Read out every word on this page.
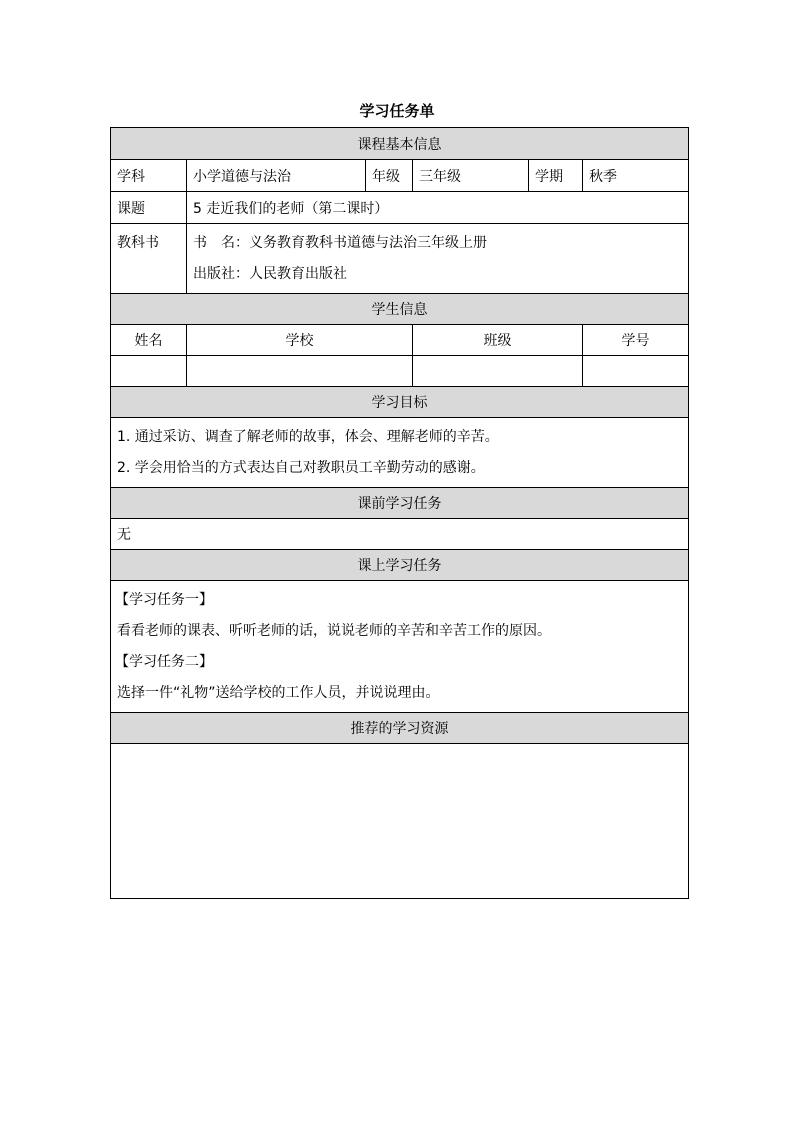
学习任务单
课程基本信息					
学科	小学道德与法治	年级	三年级	学期	秋季
课题	5 走近我们的老师（第二课时）				

教科书	书　名：义务教育教科书道德与法治三年级上册
出版社：人民教育出版社				

学生信息					
姓名	学校		班级		学号

学习目标					

1. 通过采访、调查了解老师的故事，体会、理解老师的辛苦。
2. 学会用恰当的方式表达自己对教职员工辛勤劳动的感谢。					

课前学习任务					
无					
课上学习任务					

【学习任务一】
看看老师的课表、听听老师的话，说说老师的辛苦和辛苦工作的原因。
【学习任务二】
选择一件“礼物”送给学校的工作人员，并说说理由。					

推荐的学习资源					
